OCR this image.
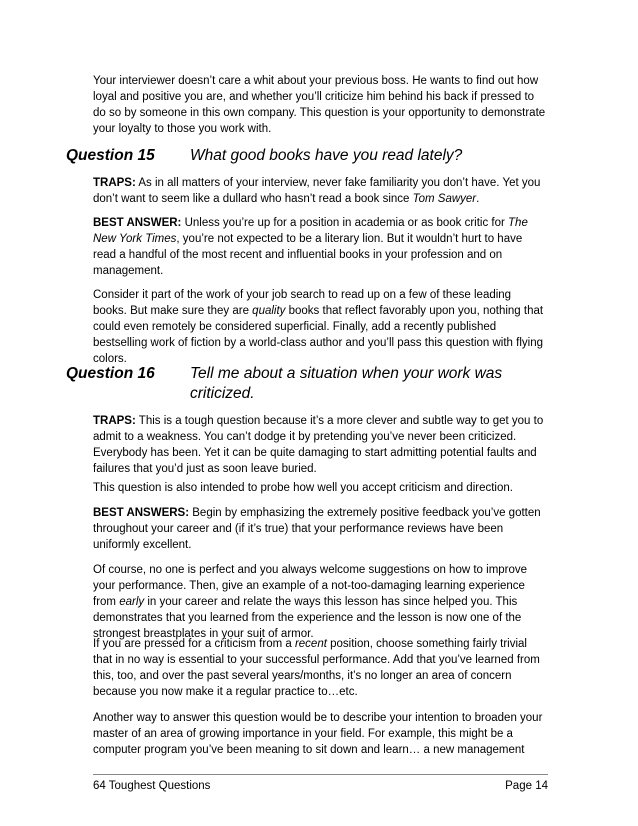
Your interviewer doesn’t care a whit about your previous boss. He wants to find out how loyal and positive you are, and whether you’ll criticize him behind his back if pressed to do so by someone in this own company. This question is your opportunity to demonstrate your loyalty to those you work with.

Question 15 What good books have you read lately?

TRAPS: As in all matters of your interview, never fake familiarity you don’t have. Yet you don’t want to seem like a dullard who hasn’t read a book since Tom Sawyer.

BEST ANSWER: Unless you’re up for a position in academia or as book critic for The New York Times, you’re not expected to be a literary lion. But it wouldn’t hurt to have read a handful of the most recent and influential books in your profession and on management.

Consider it part of the work of your job search to read up on a few of these leading books. But make sure they are quality books that reflect favorably upon you, nothing that could even remotely be considered superficial. Finally, add a recently published bestselling work of fiction by a world-class author and you’ll pass this question with flying colors.

Question 16 Tell me about a situation when your work was criticized.

TRAPS: This is a tough question because it’s a more clever and subtle way to get you to admit to a weakness. You can’t dodge it by pretending you’ve never been criticized. Everybody has been. Yet it can be quite damaging to start admitting potential faults and failures that you’d just as soon leave buried.

This question is also intended to probe how well you accept criticism and direction.

BEST ANSWERS: Begin by emphasizing the extremely positive feedback you’ve gotten throughout your career and (if it’s true) that your performance reviews have been uniformly excellent.

Of course, no one is perfect and you always welcome suggestions on how to improve your performance. Then, give an example of a not-too-damaging learning experience from early in your career and relate the ways this lesson has since helped you. This demonstrates that you learned from the experience and the lesson is now one of the strongest breastplates in your suit of armor.

If you are pressed for a criticism from a recent position, choose something fairly trivial that in no way is essential to your successful performance. Add that you’ve learned from this, too, and over the past several years/months, it’s no longer an area of concern because you now make it a regular practice to…etc.

Another way to answer this question would be to describe your intention to broaden your master of an area of growing importance in your field. For example, this might be a computer program you’ve been meaning to sit down and learn… a new management

64 Toughest Questions	Page 14
